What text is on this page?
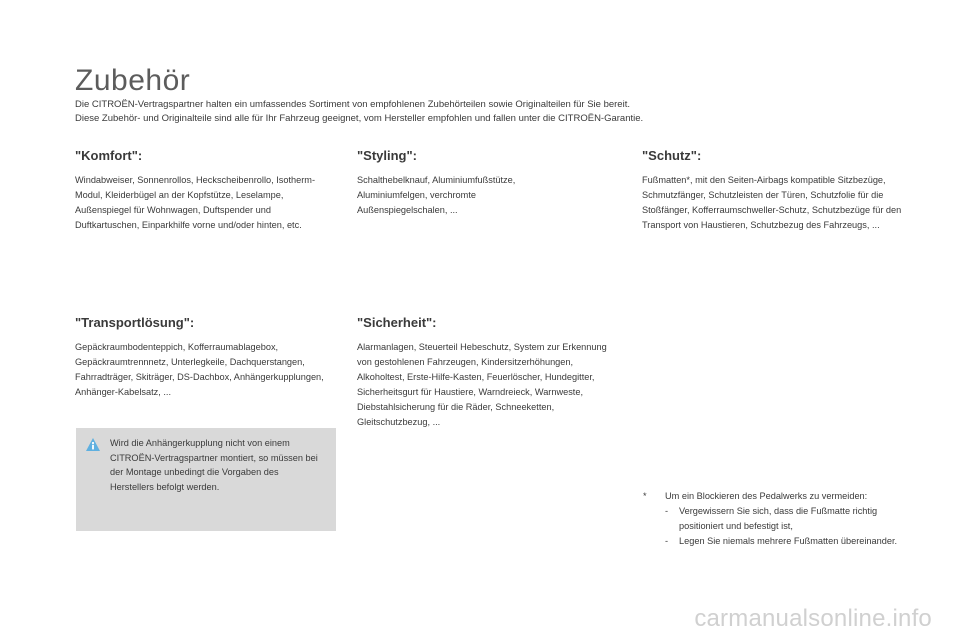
Zubehör
Die CITROËN-Vertragspartner halten ein umfassendes Sortiment von empfohlenen Zubehörteilen sowie Originalteilen für Sie bereit.
Diese Zubehör- und Originalteile sind alle für Ihr Fahrzeug geeignet, vom Hersteller empfohlen und fallen unter die CITROËN-Garantie.
"Komfort":

Windabweiser, Sonnenrollos, Heckscheibenrollo, Isotherm-Modul, Kleiderbügel an der Kopfstütze, Leselampe, Außenspiegel für Wohnwagen, Duftspender und Duftkartuschen, Einparkhilfe vorne und/oder hinten, etc.

"Styling":

Schalthebelknauf, Aluminiumfußstütze, Aluminiumfelgen, verchromte Außenspiegelschalen, ...

"Schutz":

Fußmatten*, mit den Seiten-Airbags kompatible Sitzbezüge, Schmutzfänger, Schutzleisten der Türen, Schutzfolie für die Stoßfänger, Kofferraumschweller-Schutz, Schutzbezüge für den Transport von Haustieren, Schutzbezug des Fahrzeugs, ...

"Transportlösung":

Gepäckraumbodenteppich, Kofferraumablagebox, Gepäckraumtrennnetz, Unterlegkeile, Dachquerstangen, Fahrradträger, Skiträger, DS-Dachbox, Anhängerkupplungen, Anhänger-Kabelsatz, ...

"Sicherheit":

Alarmanlagen, Steuerteil Hebeschutz, System zur Erkennung von gestohlenen Fahrzeugen, Kindersitzerhöhungen, Alkoholtest, Erste-Hilfe-Kasten, Feuerlöscher, Hundegitter, Sicherheitsgurt für Haustiere, Warndreieck, Warnweste, Diebstahlsicherung für die Räder, Schneeketten, Gleitschutzbezug, ...

Wird die Anhängerkupplung nicht von einem CITROËN-Vertragspartner montiert, so müssen bei der Montage unbedingt die Vorgaben des Herstellers befolgt werden.

*	Um ein Blockieren des Pedalwerks zu vermeiden:
-	Vergewissern Sie sich, dass die Fußmatte richtig positioniert und befestigt ist,
-	Legen Sie niemals mehrere Fußmatten übereinander.
carmanualsonline.info
